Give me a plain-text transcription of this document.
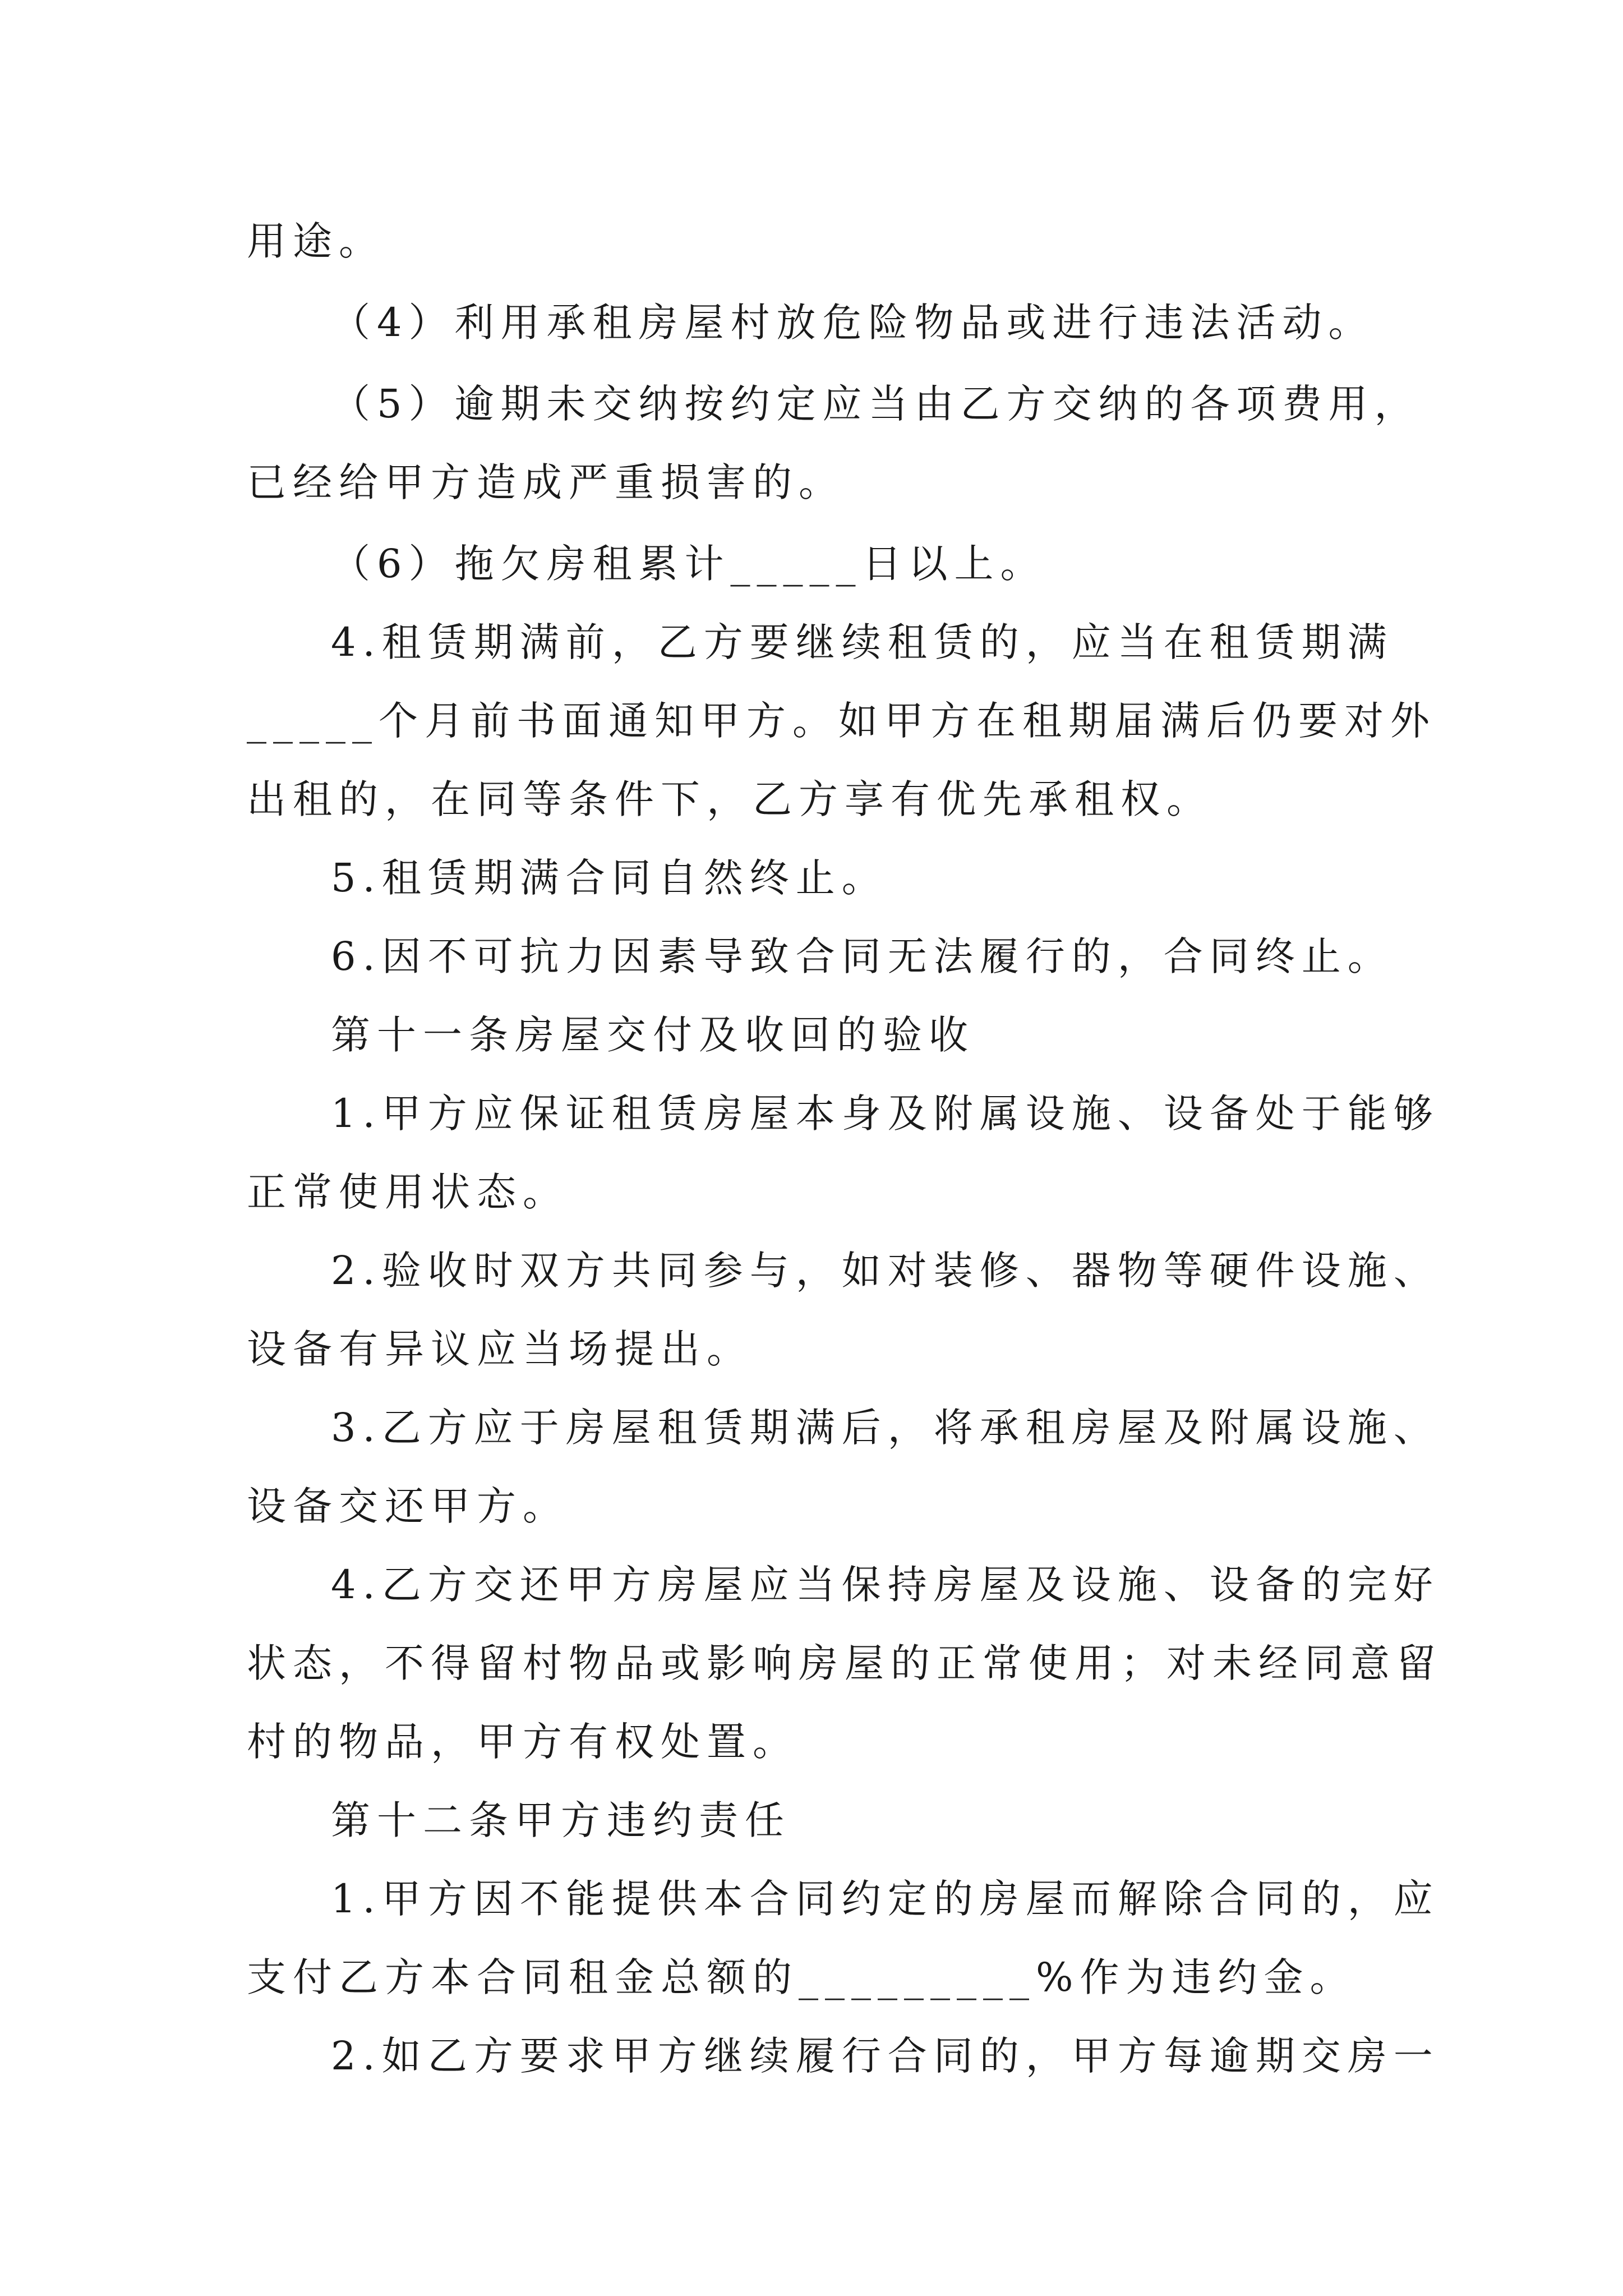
用途。
（4）利用承租房屋村放危险物品或进行违法活动。
（5）逾期未交纳按约定应当由乙方交纳的各项费用，
已经给甲方造成严重损害的。
（6）拖欠房租累计_____日以上。
4.租赁期满前，乙方要继续租赁的，应当在租赁期满
_____个月前书面通知甲方。如甲方在租期届满后仍要对外
出租的，在同等条件下，乙方享有优先承租权。
5.租赁期满合同自然终止。
6.因不可抗力因素导致合同无法履行的，合同终止。
第十一条房屋交付及收回的验收
1.甲方应保证租赁房屋本身及附属设施、设备处于能够
正常使用状态。
2.验收时双方共同参与，如对装修、器物等硬件设施、
设备有异议应当场提出。
3.乙方应于房屋租赁期满后，将承租房屋及附属设施、
设备交还甲方。
4.乙方交还甲方房屋应当保持房屋及设施、设备的完好
状态，不得留村物品或影响房屋的正常使用；对未经同意留
村的物品，甲方有权处置。
第十二条甲方违约责任
1.甲方因不能提供本合同约定的房屋而解除合同的，应
支付乙方本合同租金总额的_________%作为违约金。
2.如乙方要求甲方继续履行合同的，甲方每逾期交房一
